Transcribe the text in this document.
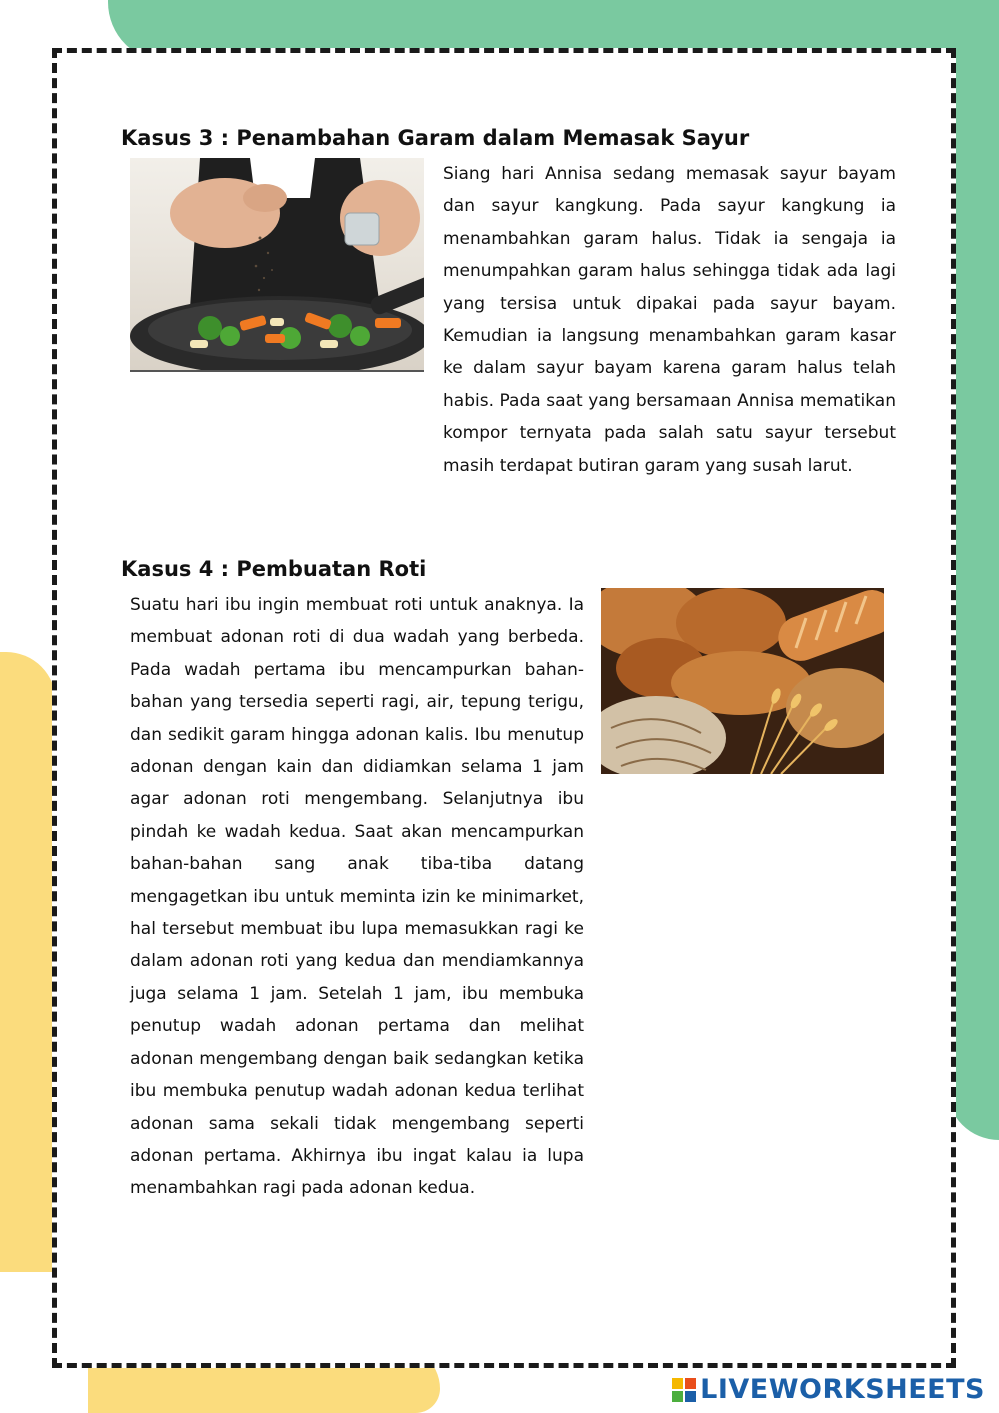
Kasus 3 : Penambahan Garam dalam Memasak Sayur
Siang hari Annisa sedang memasak sayur bayam dan sayur kangkung. Pada sayur kangkung ia menambahkan garam halus. Tidak ia sengaja ia menumpahkan garam halus sehingga tidak ada lagi yang tersisa untuk dipakai pada sayur bayam. Kemudian ia langsung menambahkan garam kasar ke dalam sayur bayam karena garam halus telah habis. Pada saat yang bersamaan Annisa mematikan kompor ternyata pada salah satu sayur tersebut masih terdapat butiran garam yang susah larut.
Kasus 4 : Pembuatan Roti
Suatu hari ibu ingin membuat roti untuk anaknya. Ia membuat adonan roti di dua wadah yang berbeda. Pada wadah pertama ibu mencampurkan bahan-bahan yang tersedia seperti ragi, air, tepung terigu, dan sedikit garam hingga adonan kalis. Ibu menutup adonan dengan kain dan didiamkan selama 1 jam agar adonan roti mengembang. Selanjutnya ibu pindah ke wadah kedua. Saat akan mencampurkan bahan-bahan sang anak tiba-tiba datang mengagetkan ibu untuk meminta izin ke minimarket, hal tersebut membuat ibu lupa memasukkan ragi ke dalam adonan roti yang kedua dan mendiamkannya juga selama 1 jam. Setelah 1 jam, ibu membuka penutup wadah adonan pertama dan melihat adonan mengembang dengan baik sedangkan ketika ibu membuka penutup wadah adonan kedua terlihat adonan sama sekali tidak mengembang seperti adonan pertama. Akhirnya ibu ingat kalau ia lupa menambahkan ragi pada adonan kedua.
LIVEWORKSHEETS
